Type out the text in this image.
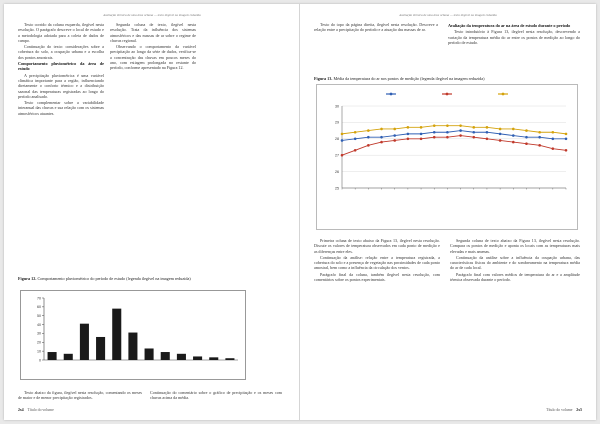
Avaliação térmica de uma área urbana — texto ilegível na imagem reduzida

Texto corrido da coluna esquerda, ilegível nesta resolução. O parágrafo descreve o local de estudo e a metodologia adotada para a coleta de dados de campo.

Continuação do texto: considerações sobre a cobertura do solo, a ocupação urbana e a escolha dos pontos amostrais.

Comportamento pluviométrico da área de estudo

A precipitação pluviométrica é uma variável climática importante para a região, influenciando diretamente o conforto térmico e a distribuição sazonal das temperaturas registradas ao longo do período analisado.

Texto complementar sobre a variabilidade interanual das chuvas e sua relação com os sistemas atmosféricos atuantes.

Segunda coluna de texto, ilegível nesta resolução. Trata da influência dos sistemas atmosféricos e das massas de ar sobre o regime de chuvas regional.

Observando o comportamento da variável precipitação ao longo da série de dados, verifica-se a concentração das chuvas em poucos meses do ano, com estiagem prolongada no restante do período, conforme apresentado na Figura 12.

Figura 12. Comportamento pluviométrico do período de estudo (legenda ilegível na imagem reduzida)
0
10
20
30
40
50
60
70

Texto abaixo da figura, ilegível nesta resolução, comentando os meses de maior e de menor precipitação registrados.

Continuação do comentário sobre o gráfico de precipitação e os meses com chuvas acima da média.

2x4 Título do volume
Avaliação térmica de uma área urbana — texto ilegível na imagem reduzida

Texto do topo da página direita, ilegível nesta resolução. Descreve a relação entre a precipitação do período e a atuação das massas de ar.

Avaliação da temperatura do ar na área de estudo durante o período

Texto introdutório à Figura 13, ilegível nesta resolução, descrevendo a variação da temperatura média do ar entre os pontos de medição ao longo do período de estudo.

Figura 13. Média da temperatura do ar nos pontos de medição (legenda ilegível na imagem reduzida)
25
26
27
28
29
30

Primeira coluna de texto abaixo da Figura 13, ilegível nesta resolução. Discute os valores de temperatura observados em cada ponto de medição e as diferenças entre eles.

Continuação da análise: relação entre a temperatura registrada, a cobertura do solo e a presença de vegetação nas proximidades de cada ponto amostral, bem como a influência da circulação dos ventos.

Parágrafo final da coluna, também ilegível nesta resolução, com comentários sobre os pontos experimentais.

Segunda coluna de texto abaixo da Figura 13, ilegível nesta resolução. Compara os pontos de medição e aponta os locais com as temperaturas mais elevadas e mais amenas.

Continuação da análise sobre a influência da ocupação urbana, das características físicas do ambiente e do sombreamento na temperatura média do ar de cada local.

Parágrafo final com valores médios de temperatura do ar e a amplitude térmica observada durante o período.

Título do volume 2x5
